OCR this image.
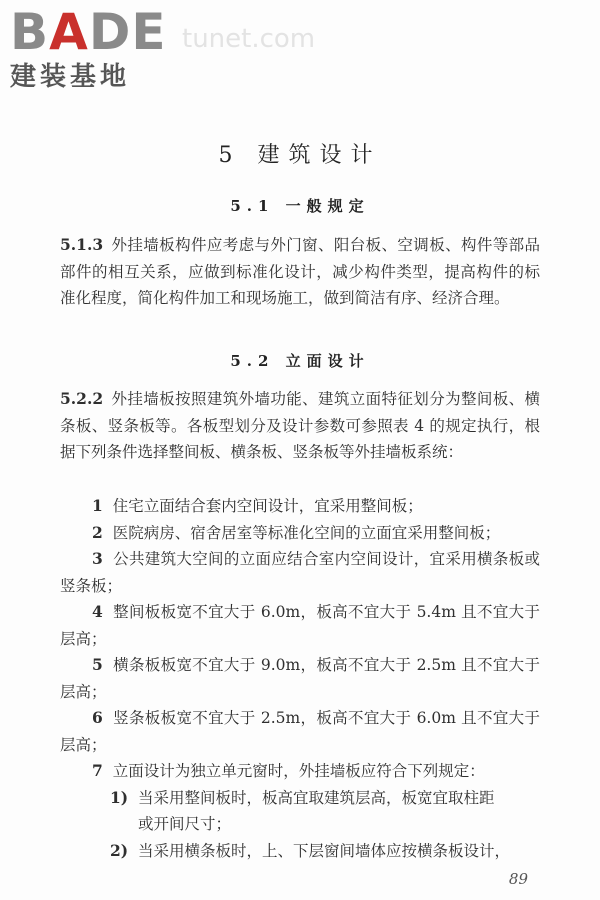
BADE tunet.com
建装基地
5 建筑设计
5.1 一般规定
5.1.3 外挂墙板构件应考虑与外门窗、阳台板、空调板、构件等部品部件的相互关系，应做到标准化设计，减少构件类型，提高构件的标准化程度，简化构件加工和现场施工，做到简洁有序、经济合理。
5.2 立面设计
5.2.2 外挂墙板按照建筑外墙功能、建筑立面特征划分为整间板、横条板、竖条板等。各板型划分及设计参数可参照表 4 的规定执行，根据下列条件选择整间板、横条板、竖条板等外挂墙板系统：
1 住宅立面结合套内空间设计，宜采用整间板；
2 医院病房、宿舍居室等标准化空间的立面宜采用整间板；
3 公共建筑大空间的立面应结合室内空间设计，宜采用横条板或竖条板；
4 整间板板宽不宜大于 6.0m，板高不宜大于 5.4m 且不宜大于层高；
5 横条板板宽不宜大于 9.0m，板高不宜大于 2.5m 且不宜大于层高；
6 竖条板板宽不宜大于 2.5m，板高不宜大于 6.0m 且不宜大于层高；
7 立面设计为独立单元窗时，外挂墙板应符合下列规定：
1) 当采用整间板时，板高宜取建筑层高，板宽宜取柱距
或开间尺寸；
2) 当采用横条板时，上、下层窗间墙体应按横条板设计，
89
